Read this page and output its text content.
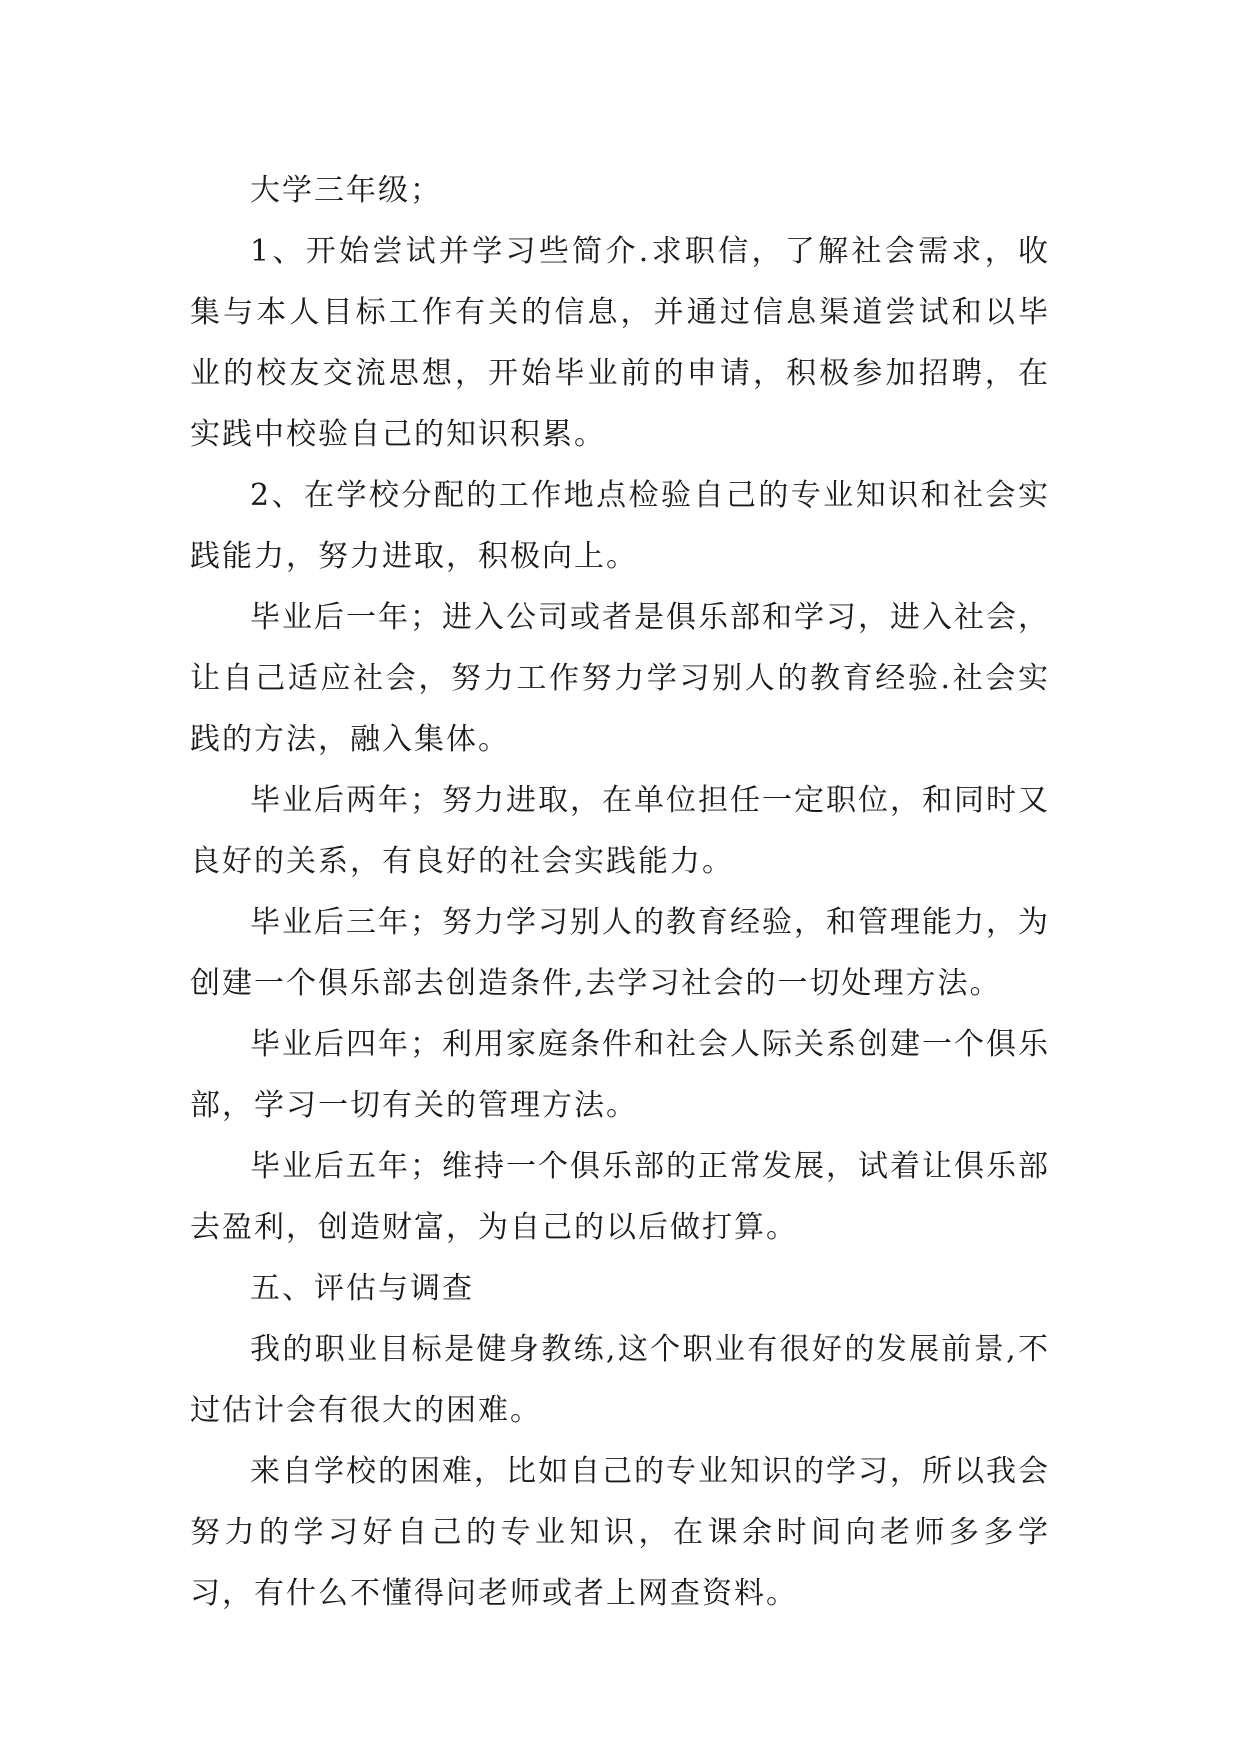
大学三年级；

1、开始尝试并学习些简介.求职信，了解社会需求，收集与本人目标工作有关的信息，并通过信息渠道尝试和以毕业的校友交流思想，开始毕业前的申请，积极参加招聘，在实践中校验自己的知识积累。

2、在学校分配的工作地点检验自己的专业知识和社会实践能力，努力进取，积极向上。

毕业后一年；进入公司或者是俱乐部和学习，进入社会，让自己适应社会，努力工作努力学习别人的教育经验.社会实践的方法，融入集体。

毕业后两年；努力进取，在单位担任一定职位，和同时又良好的关系，有良好的社会实践能力。

毕业后三年；努力学习别人的教育经验，和管理能力，为创建一个俱乐部去创造条件,去学习社会的一切处理方法。

毕业后四年；利用家庭条件和社会人际关系创建一个俱乐部，学习一切有关的管理方法。

毕业后五年；维持一个俱乐部的正常发展，试着让俱乐部去盈利，创造财富，为自己的以后做打算。

五、评估与调查

我的职业目标是健身教练,这个职业有很好的发展前景,不过估计会有很大的困难。

来自学校的困难，比如自己的专业知识的学习，所以我会努力的学习好自己的专业知识，在课余时间向老师多多学习，有什么不懂得问老师或者上网查资料。
